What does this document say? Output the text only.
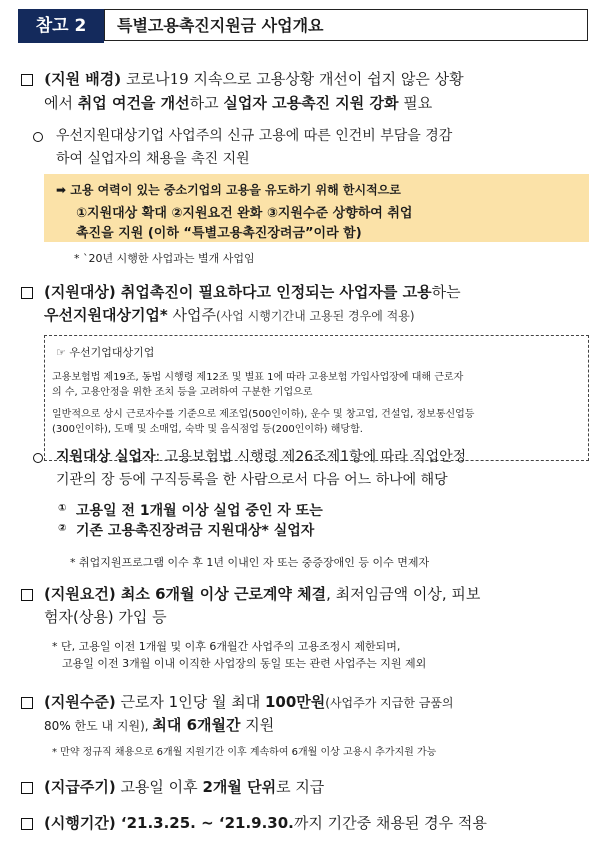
참고 2	특별고용촉진지원금 사업개요
(지원 배경) 코로나19 지속으로 고용상황 개선이 쉽지 않은 상황
에서 취업 여건을 개선하고 실업자 고용촉진 지원 강화 필요
우선지원대상기업 사업주의 신규 고용에 따른 인건비 부담을 경감
하여 실업자의 채용을 촉진 지원
➡ 고용 여력이 있는 중소기업의 고용을 유도하기 위해 한시적으로
①지원대상 확대 ②지원요건 완화 ③지원수준 상향하여 취업
촉진을 지원 (이하 “특별고용촉진장려금”이라 함)
* `20년 시행한 사업과는 별개 사업임
(지원대상) 취업촉진이 필요하다고 인정되는 사업자를 고용하는
우선지원대상기업* 사업주(사업 시행기간내 고용된 경우에 적용)
☞ 우선기업대상기업
고용보험법 제19조, 동법 시행령 제12조 및 별표 1에 따라 고용보험 가입사업장에 대해 근로자
의 수, 고용안정을 위한 조치 등을 고려하여 구분한 기업으로
일반적으로 상시 근로자수를 기준으로 제조업(500인이하), 운수 및 창고업, 건설업, 정보통신업등
(300인이하), 도매 및 소매업, 숙박 및 음식점업 등(200인이하) 해당함.
지원대상 실업자: 고용보험법 시행령 제26조제1항에 따라 직업안정
기관의 장 등에 구직등록을 한 사람으로서 다음 어느 하나에 해당
① 고용일 전 1개월 이상 실업 중인 자 또는
② 기존 고용촉진장려금 지원대상* 실업자
* 취업지원프로그램 이수 후 1년 이내인 자 또는 중증장애인 등 이수 면제자
(지원요건) 최소 6개월 이상 근로계약 체결, 최저임금액 이상, 피보
험자(상용) 가입 등
* 단, 고용일 이전 1개월 및 이후 6개월간 사업주의 고용조정시 제한되며,
고용일 이전 3개월 이내 이직한 사업장의 동일 또는 관련 사업주는 지원 제외
(지원수준) 근로자 1인당 월 최대 100만원(사업주가 지급한 금품의
80% 한도 내 지원), 최대 6개월간 지원
* 만약 정규직 채용으로 6개월 지원기간 이후 계속하여 6개월 이상 고용시 추가지원 가능
(지급주기) 고용일 이후 2개월 단위로 지급
(시행기간) ‘21.3.25. ~ ‘21.9.30.까지 기간중 채용된 경우 적용
